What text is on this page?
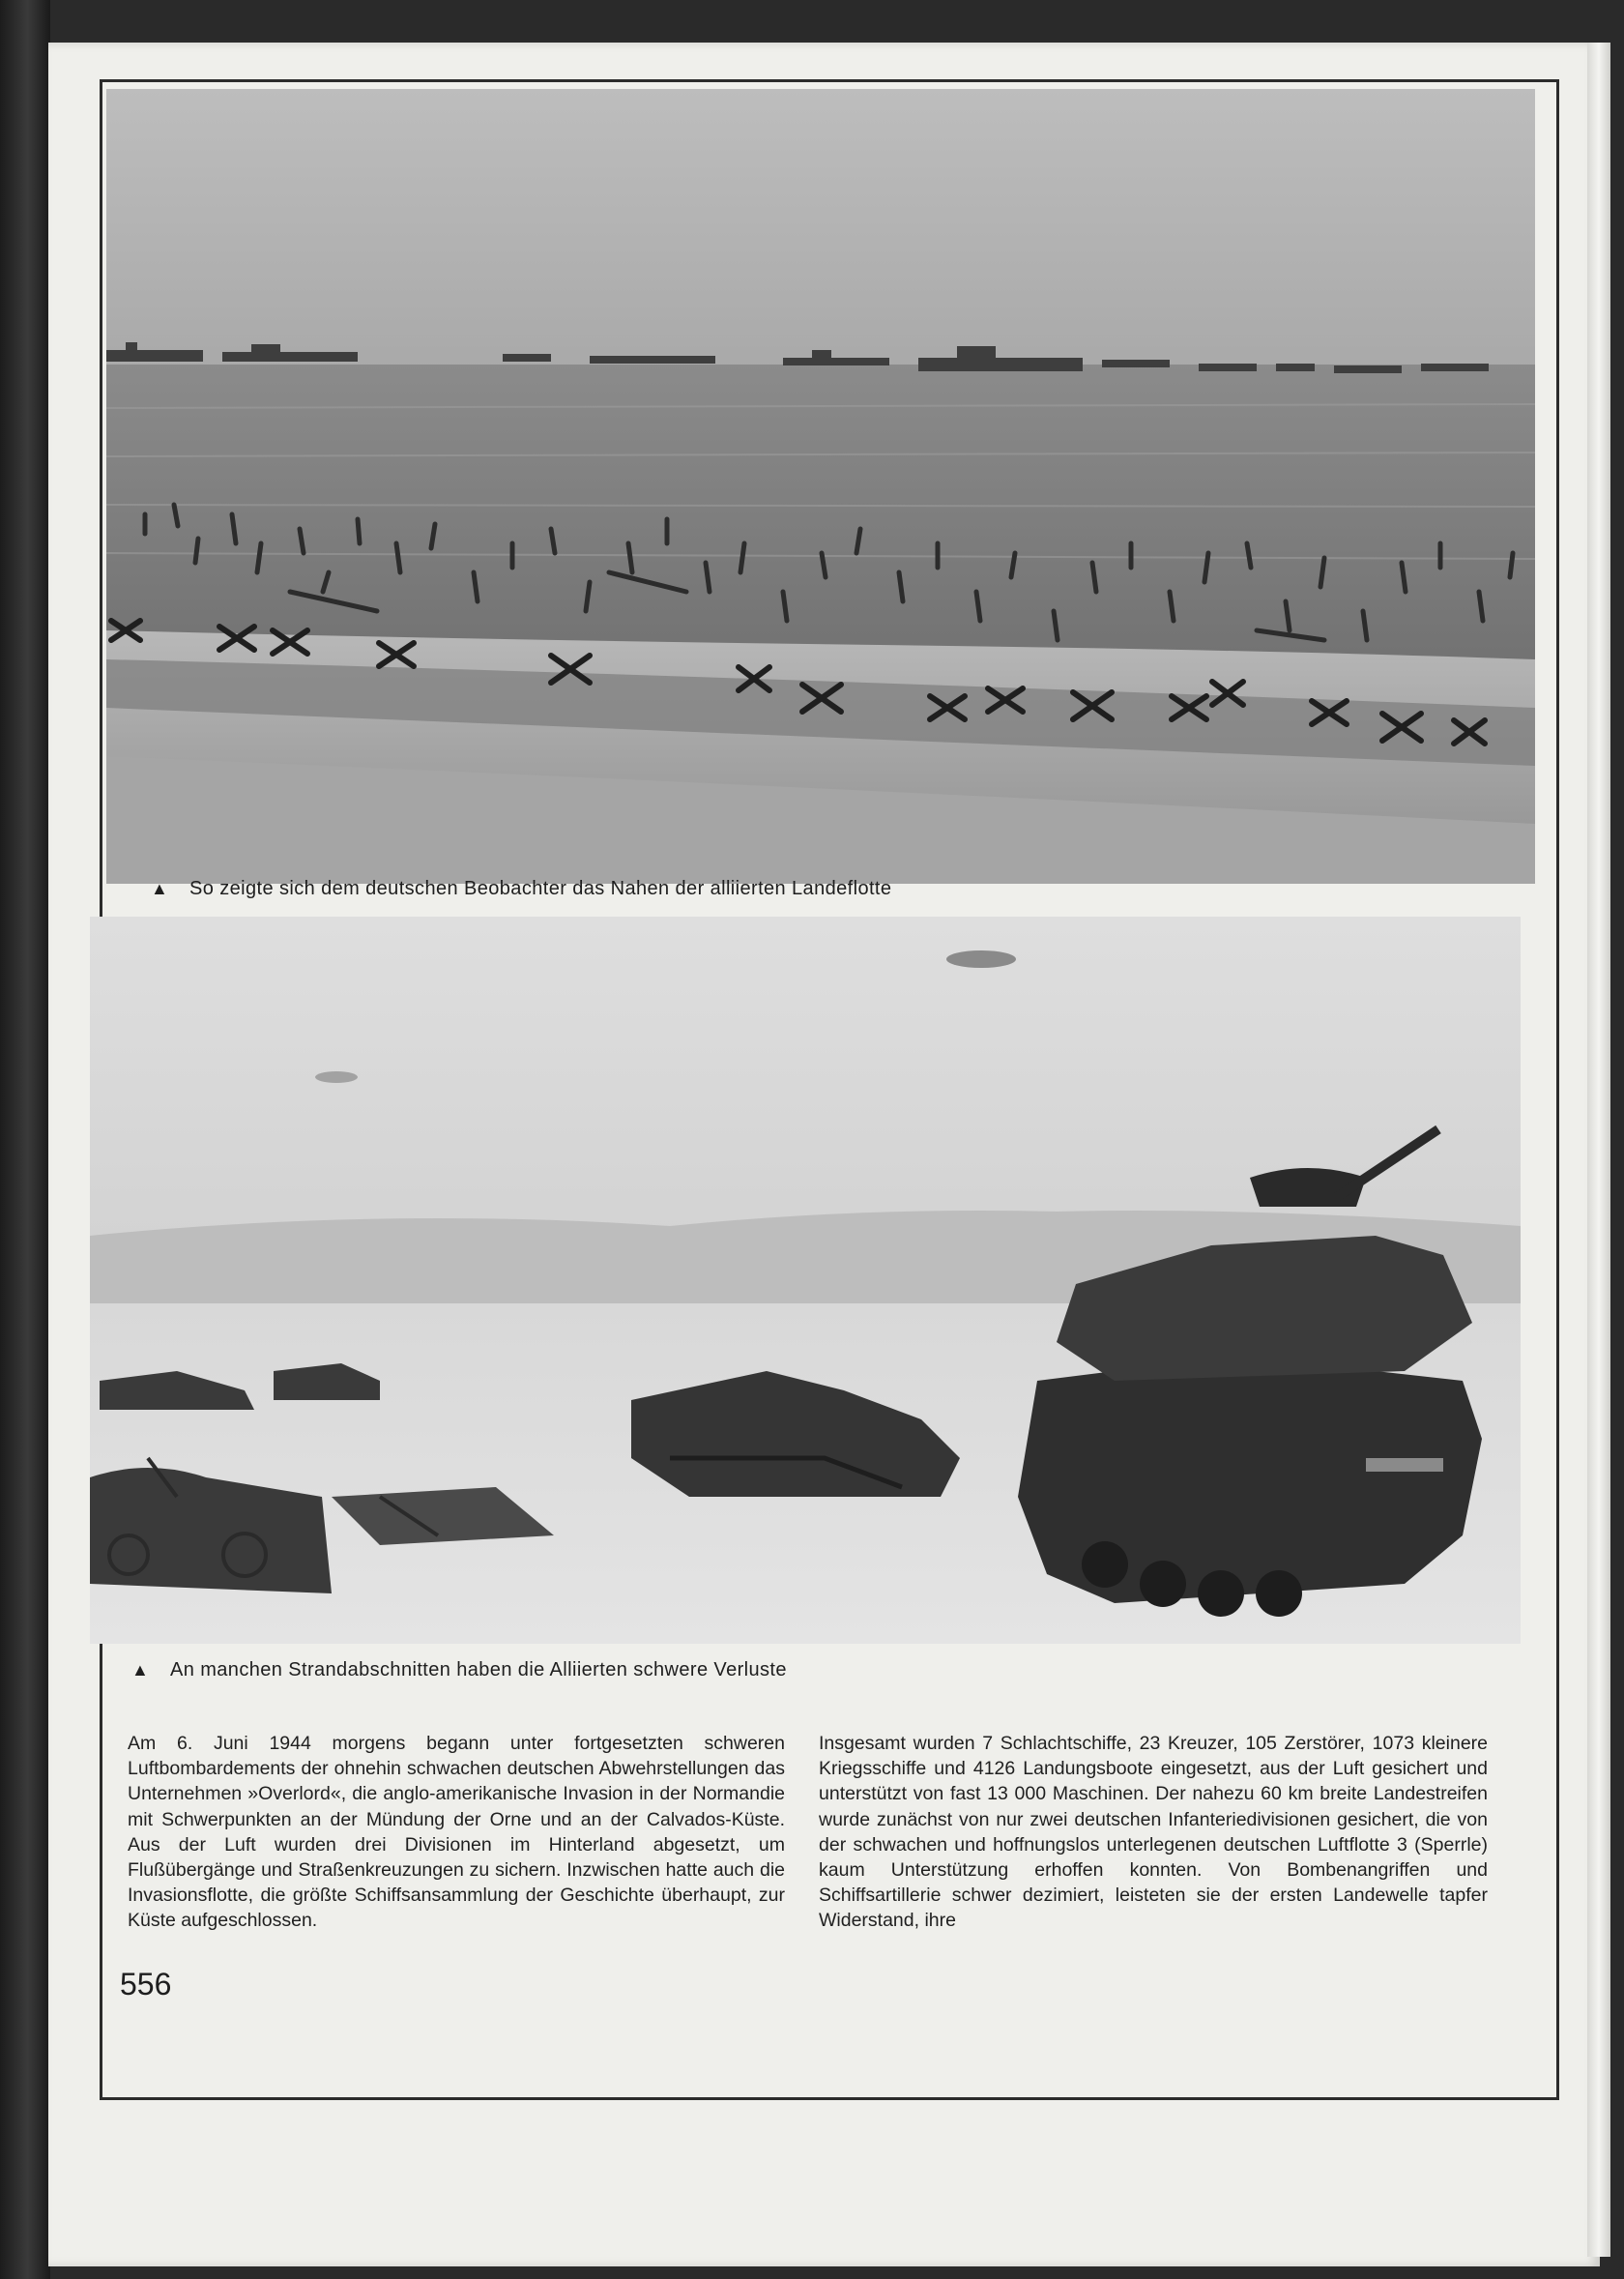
▲ So zeigte sich dem deutschen Beobachter das Nahen der alliierten Landeflotte
▲ An manchen Strandabschnitten haben die Alliierten schwere Verluste

Am 6. Juni 1944 morgens begann unter fortgesetzten schweren Luftbombardements der ohnehin schwachen deutschen Abwehrstellungen das Unternehmen »Overlord«, die anglo-amerikanische Invasion in der Normandie mit Schwerpunkten an der Mündung der Orne und an der Calvados-Küste. Aus der Luft wurden drei Divisionen im Hinterland abgesetzt, um Flußübergänge und Straßenkreuzungen zu sichern. Inzwischen hatte auch die Invasionsflotte, die größte Schiffsansammlung der Geschichte überhaupt, zur Küste aufgeschlossen.

Insgesamt wurden 7 Schlachtschiffe, 23 Kreuzer, 105 Zerstörer, 1073 kleinere Kriegsschiffe und 4126 Landungsboote eingesetzt, aus der Luft gesichert und unterstützt von fast 13 000 Maschinen. Der nahezu 60 km breite Landestreifen wurde zunächst von nur zwei deutschen Infanteriedivisionen gesichert, die von der schwachen und hoffnungslos unterlegenen deutschen Luftflotte 3 (Sperrle) kaum Unterstützung erhoffen konnten. Von Bombenangriffen und Schiffsartillerie schwer dezimiert, leisteten sie der ersten Landewelle tapfer Widerstand, ihre

556
